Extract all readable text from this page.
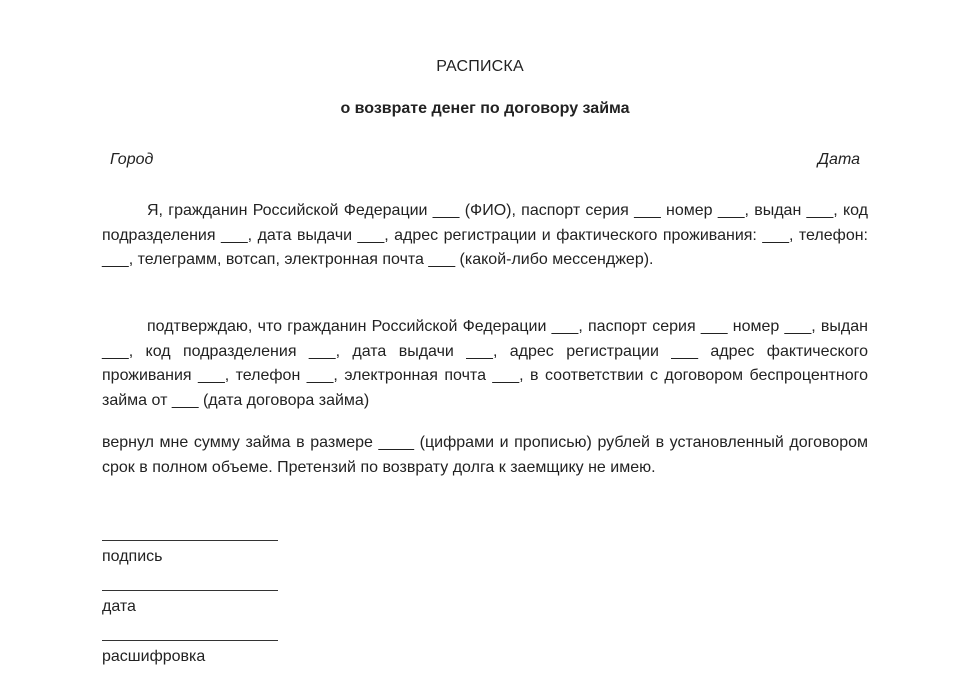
РАСПИСКА
о возврате денег по договору займа
Город	Дата

Я, гражданин Российской Федерации ___ (ФИО), паспорт серия ___ номер ___, выдан ___, код подразделения ___, дата выдачи ___, адрес регистрации и фактического проживания: ___, телефон: ___, телеграмм, вотсап, электронная почта ___ (какой-либо мессенджер).

подтверждаю, что гражданин Российской Федерации ___, паспорт серия ___ номер ___, выдан ___, код подразделения ___, дата выдачи ___, адрес регистрации ___ адрес фактического проживания ___, телефон ___, электронная почта ___, в соответствии с договором беспроцентного займа от ___ (дата договора займа)

вернул мне сумму займа в размере ____ (цифрами и прописью) рублей в установленный договором срок в полном объеме. Претензий по возврату долга к заемщику не имею.

подпись
дата
расшифровка
